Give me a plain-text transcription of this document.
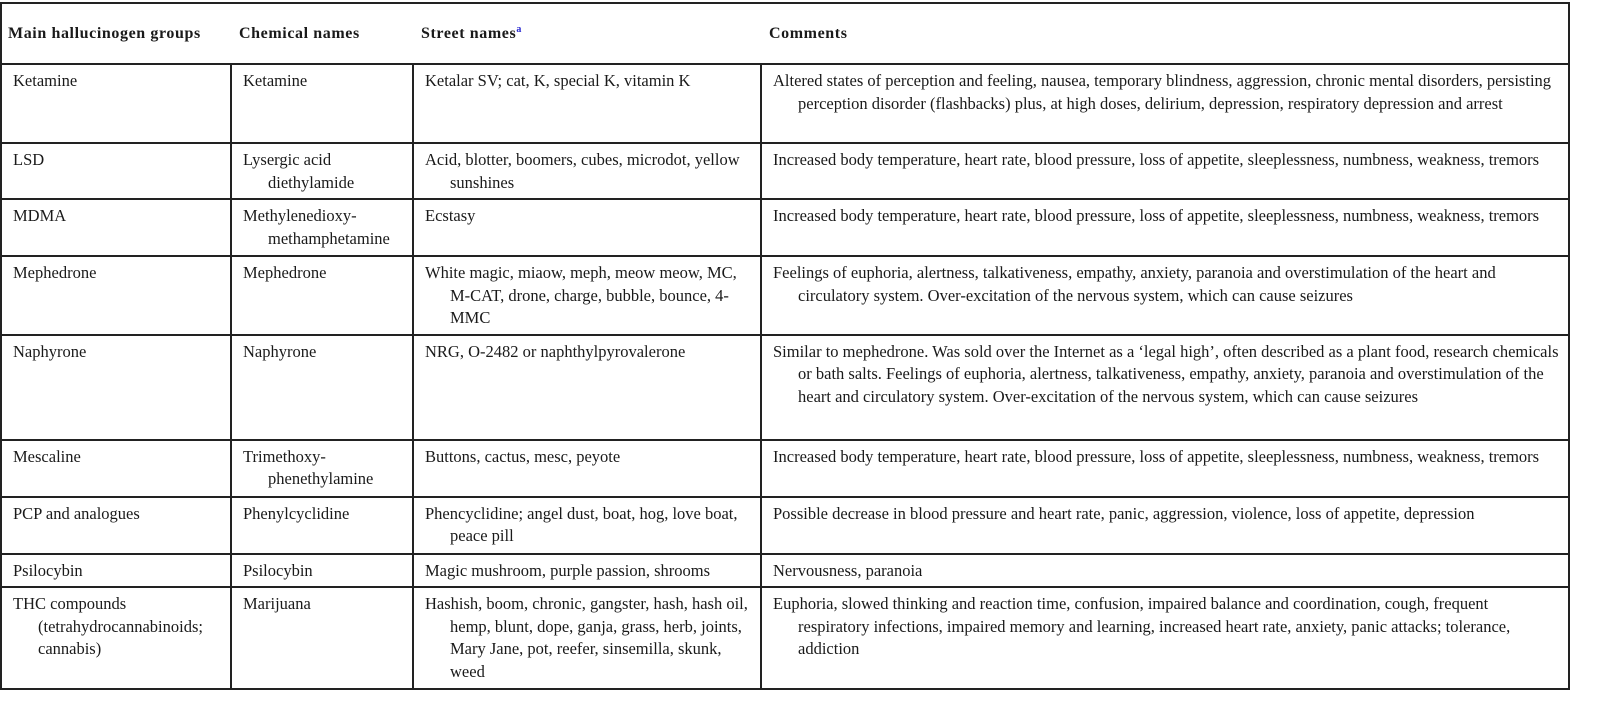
Main hallucinogen groups	Chemical names	Street names$^a$	Comments

Ketamine	Ketamine	Ketalar SV; cat, K, special K, vitamin K	Altered states of perception and feeling, nausea, temporary blindness, aggression, chronic mental disorders, persisting perception disorder (flashbacks) plus, at high doses, delirium, depression, respiratory depression and arrest

LSD	Lysergic acid diethylamide	Acid, blotter, boomers, cubes, microdot, yellow sunshines	Increased body temperature, heart rate, blood pressure, loss of appetite, sleeplessness, numbness, weakness, tremors

MDMA	Methylenedioxy-methamphetamine	Ecstasy	Increased body temperature, heart rate, blood pressure, loss of appetite, sleeplessness, numbness, weakness, tremors

Mephedrone	Mephedrone	White magic, miaow, meph, meow meow, MC, M-CAT, drone, charge, bubble, bounce, 4-MMC	Feelings of euphoria, alertness, talkativeness, empathy, anxiety, paranoia and overstimulation of the heart and circulatory system. Over-excitation of the nervous system, which can cause seizures

Naphyrone	Naphyrone	NRG, O-2482 or naphthylpyrovalerone	Similar to mephedrone. Was sold over the Internet as a ‘legal high’, often described as a plant food, research chemicals or bath salts. Feelings of euphoria, alertness, talkativeness, empathy, anxiety, paranoia and overstimulation of the heart and circulatory system. Over-excitation of the nervous system, which can cause seizures

Mescaline	Trimethoxy-phenethylamine	Buttons, cactus, mesc, peyote	Increased body temperature, heart rate, blood pressure, loss of appetite, sleeplessness, numbness, weakness, tremors

PCP and analogues	Phenylcyclidine	Phencyclidine; angel dust, boat, hog, love boat, peace pill	Possible decrease in blood pressure and heart rate, panic, aggression, violence, loss of appetite, depression

Psilocybin	Psilocybin	Magic mushroom, purple passion, shrooms	Nervousness, paranoia

THC compounds (tetrahydrocannabinoids; cannabis)	Marijuana	Hashish, boom, chronic, gangster, hash, hash oil, hemp, blunt, dope, ganja, grass, herb, joints, Mary Jane, pot, reefer, sinsemilla, skunk, weed	Euphoria, slowed thinking and reaction time, confusion, impaired balance and coordination, cough, frequent respiratory infections, impaired memory and learning, increased heart rate, anxiety, panic attacks; tolerance, addiction
